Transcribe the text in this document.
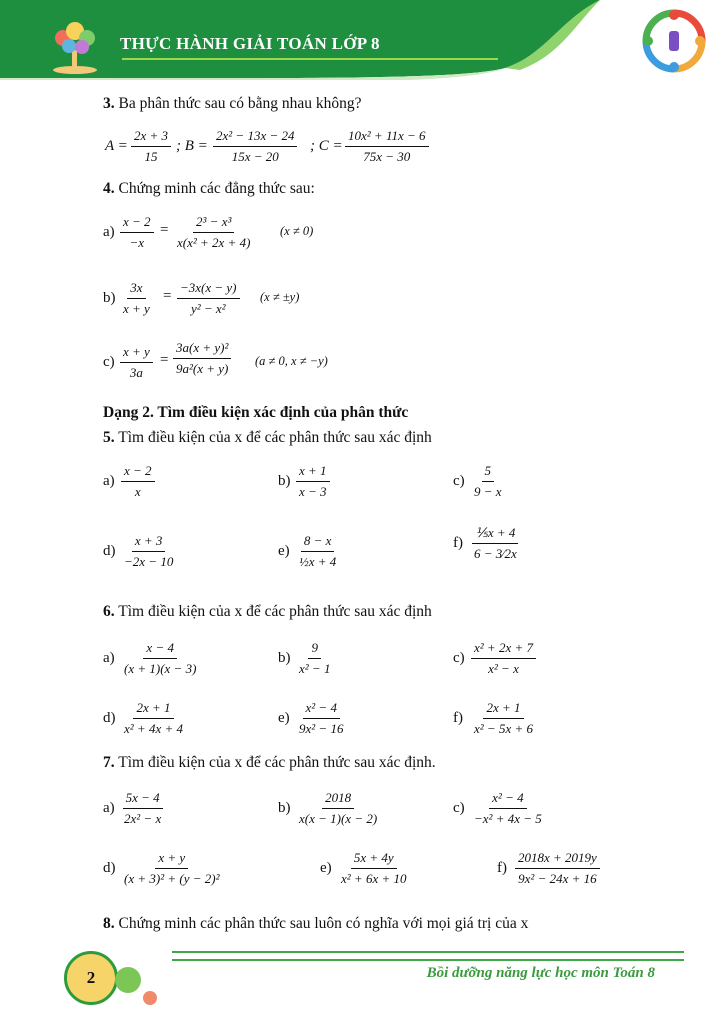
THỰC HÀNH GIẢI TOÁN LỚP 8
3. Ba phân thức sau có bằng nhau không?
$A = \frac{2x + 3}{15}$ ; $B = \frac{\text{2x² − 13x − 24}}{15x - 20}$ ; $C = \frac{\text{10x² + 11x − 6}}{75x - 30}$
4. Chứng minh các đẳng thức sau:
$a) \frac{x - 2}{-x} = \frac{\text{2³ − x³}}{\text{x(x² + 2x + 4)}} (x \ne 0)$
$b) \frac{3x}{x + y} = \frac{-3x(x - y)}{\text{y² − x²}} (x \ne \pm y)$
$c) \frac{x + y}{3a} = \frac{\text{3a(x + y)²}}{\text{9a²(x + y)}} (a \ne 0$, x ≠ −y)
Dạng 2. Tìm điều kiện xác định của phân thức
5. Tìm điều kiện của x để các phân thức sau xác định
6. Tìm điều kiện của x để các phân thức sau xác định
7. Tìm điều kiện của x để các phân thức sau xác định.
8. Chứng minh các phân thức sau luôn có nghĩa với mọi giá trị của x
2	Bồi dưỡng năng lực học môn Toán 8
$a) \frac{x - 2}{x}$	$b) \frac{x + 1}{x - 3}$	$c) \frac{5}{9 - x}$
$d) \frac{x + 3}{-2x - 10}$	$e) \frac{8 - x}{\text{½x + 4}}$	$f) \frac{\text{⅕x + 4}}{6 - 3⁄2x}$
$a) \frac{x - 4}{(x + 1)(x - 3)}$	$b) \frac{9}{\text{x² − 1}}$	$c) \frac{\text{x² + 2x + 7}}{\text{x² − x}}$
$d) \frac{2x + 1}{\text{x² + 4x + 4}}$	$e) \frac{\text{x² − 4}}{\text{9x² − 16}}$	$f) \frac{2x + 1}{\text{x² − 5x + 6}}$
$a) \frac{5x - 4}{\text{2x² − x}}$	$b) \frac{2018}{x(x - 1)(x - 2)}$	$c) \frac{\text{x² − 4}}{\text{−x² + 4x − 5}}$
$d) \frac{x + y}{\text{(x + 3)² + (y − 2)²}}$	$e) \frac{5x + 4y}{\text{x² + 6x + 10}}$	$f) \frac{2018x + 2019y}{\text{9x² − 24x + 16}}$
